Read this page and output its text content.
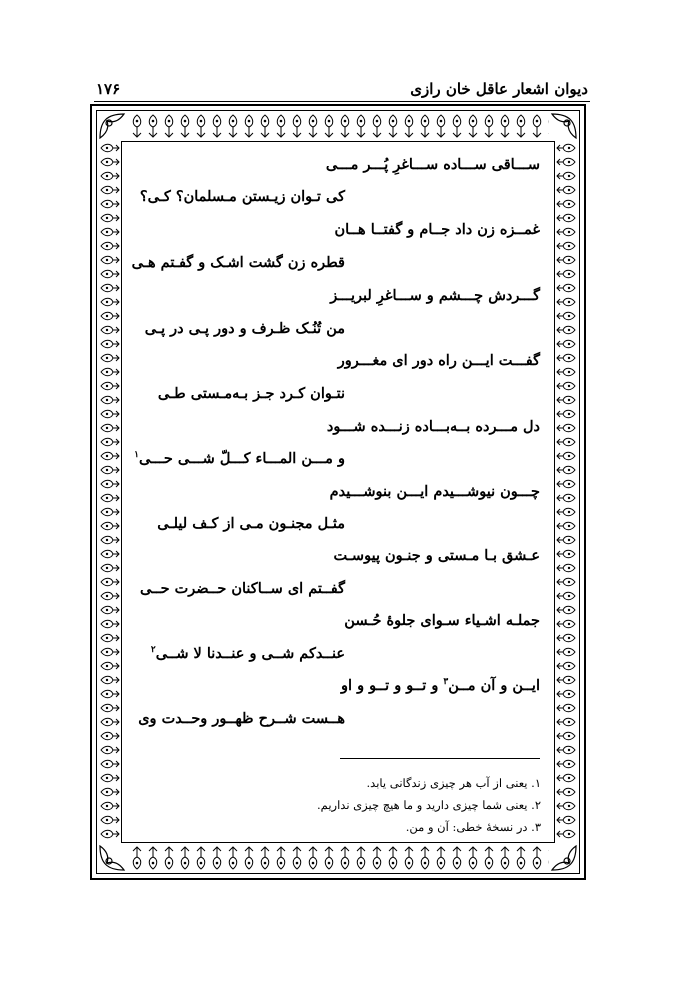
۱۷۶	دیوان اشعار عاقل خان رازی
ســـاقی ســـاده ســـاغرِ پُـــر مـــی
کی تـوان زیـستن مـسلمان؟ کـی؟
غمــزه زن داد جــام و گفتــا هــان
قطره زن گشت اشـک و گفـتم هـی
گـــردش چـــشم و ســـاغرِ لبریـــز
من تُنُـک ظـرف و دور پـی در پـی
گفـــت ایـــن راه دور ای مغـــرور
نتـوان کـرد جـز بـه‌مـستی طـی
دل مـــرده بــه‌بـــاده زنـــده شـــود
و مـــن المـــاء کـــلّ شـــی حـــی$^۱$
چـــون نیوشـــیدم ایـــن بنوشـــیدم
مثـل مجنـون مـی از کـف لیلـی
عـشق بـا مـستی و جنـون پیوسـت
گفــتم ای ســاکنان حــضرت حــی
جملـه اشـیاء سـوای جلوهٔ حُـسن
عنــدکم شــی و عنــدنا لا شــی$^۲$
ایــن و آن مــن$^۳$ و تــو و تــو و او
هــست شــرح ظهــور وحــدت وی
۱. یعنی از آب هر چیزی زندگانی یابد.
۲. یعنی شما چیزی دارید و ما هیچ چیزی نداریم.
۳. در نسخهٔ خطی: آن و من.
